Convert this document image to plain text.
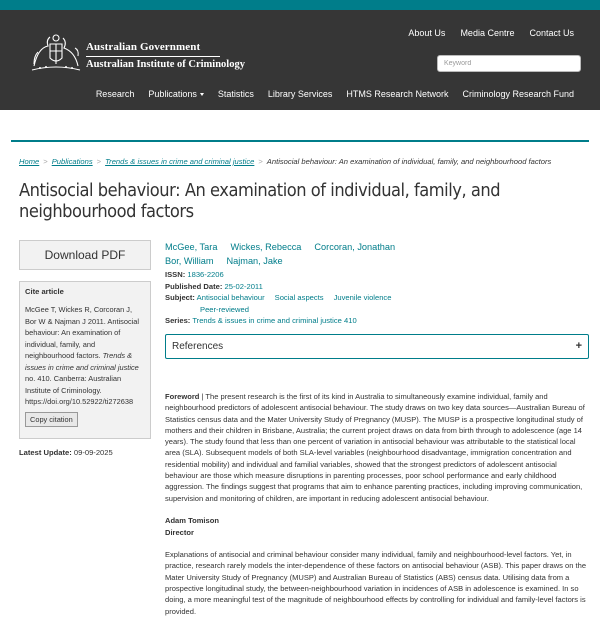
Australian Government
Australian Institute of Criminology
About Us Media Centre Contact Us
Keyword
Research Publications	Statistics Library Services HTMS Research Network Criminology Research Fund
Home > Publications > Trends & issues in crime and criminal justice > Antisocial behaviour: An examination of individual, family, and neighbourhood factors
Antisocial behaviour: An examination of individual, family, and neighbourhood factors
Download PDF
Cite article

McGee T, Wickes R, Corcoran J, Bor W & Najman J 2011. Antisocial behaviour: An examination of individual, family, and neighbourhood factors. Trends & issues in crime and criminal justice no. 410. Canberra: Australian Institute of Criminology. https://doi.org/10.52922/ti272638

Copy citation
Latest Update: 09-09-2025
McGee, Tara Wickes, Rebecca Corcoran, Jonathan
Bor, William Najman, Jake
ISSN: 1836-2206
Published Date: 25-02-2011
Subject: Antisocial behaviour Social aspects Juvenile violence
Peer-reviewed
Series: Trends & issues in crime and criminal justice 410
References	+

Foreword | The present research is the first of its kind in Australia to simultaneously examine individual, family and neighbourhood predictors of adolescent antisocial behaviour. The study draws on two key data sources—Australian Bureau of Statistics census data and the Mater University Study of Pregnancy (MUSP). The MUSP is a prospective longitudinal study of mothers and their children in Brisbane, Australia; the current project draws on data from birth through to adolescence (age 14 years). The study found that less than one percent of variation in antisocial behaviour was attributable to the statistical local area (SLA). Subsequent models of both SLA-level variables (neighbourhood disadvantage, immigration concentration and residential mobility) and individual and familial variables, showed that the strongest predictors of adolescent antisocial behaviour are those which measure disruptions in parenting processes, poor school performance and early childhood aggression. The findings suggest that programs that aim to enhance parenting practices, including improving communication, supervision and monitoring of children, are important in reducing adolescent antisocial behaviour.

Adam Tomison
Director

Explanations of antisocial and criminal behaviour consider many individual, family and neighbourhood-level factors. Yet, in practice, research rarely models the inter-dependence of these factors on antisocial behaviour (ASB). This paper draws on the Mater University Study of Pregnancy (MUSP) and Australian Bureau of Statistics (ABS) census data. Utilising data from a prospective longitudinal study, the between-neighbourhood variation in incidences of ASB in adolescence is examined. In so doing, a more meaningful test of the magnitude of neighbourhood effects by controlling for individual and family-level factors is provided.
